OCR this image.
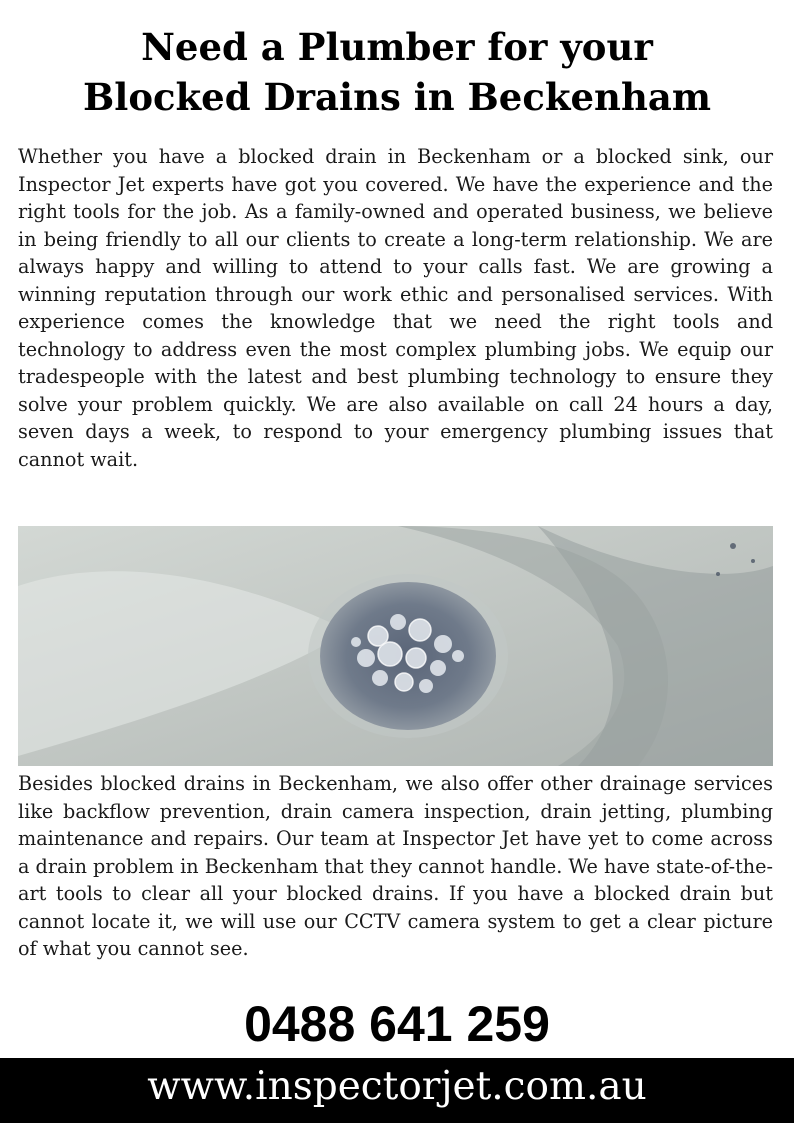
Need a Plumber for your
Blocked Drains in Beckenham
Whether you have a blocked drain in Beckenham or a blocked sink, our Inspector Jet experts have got you covered. We have the experience and the right tools for the job. As a family-owned and operated business, we believe in being friendly to all our clients to create a long-term relationship. We are always happy and willing to attend to your calls fast. We are growing a winning reputation through our work ethic and personalised services. With experience comes the knowledge that we need the right tools and technology to address even the most complex plumbing jobs. We equip our tradespeople with the latest and best plumbing technology to ensure they solve your problem quickly. We are also available on call 24 hours a day, seven days a week, to respond to your emergency plumbing issues that cannot wait.
Besides blocked drains in Beckenham, we also offer other drainage services like backflow prevention, drain camera inspection, drain jetting, plumbing maintenance and repairs. Our team at Inspector Jet have yet to come across a drain problem in Beckenham that they cannot handle. We have state-of-the-art tools to clear all your blocked drains. If you have a blocked drain but cannot locate it, we will use our CCTV camera system to get a clear picture of what you cannot see.
0488 641 259
www.inspectorjet.com.au
